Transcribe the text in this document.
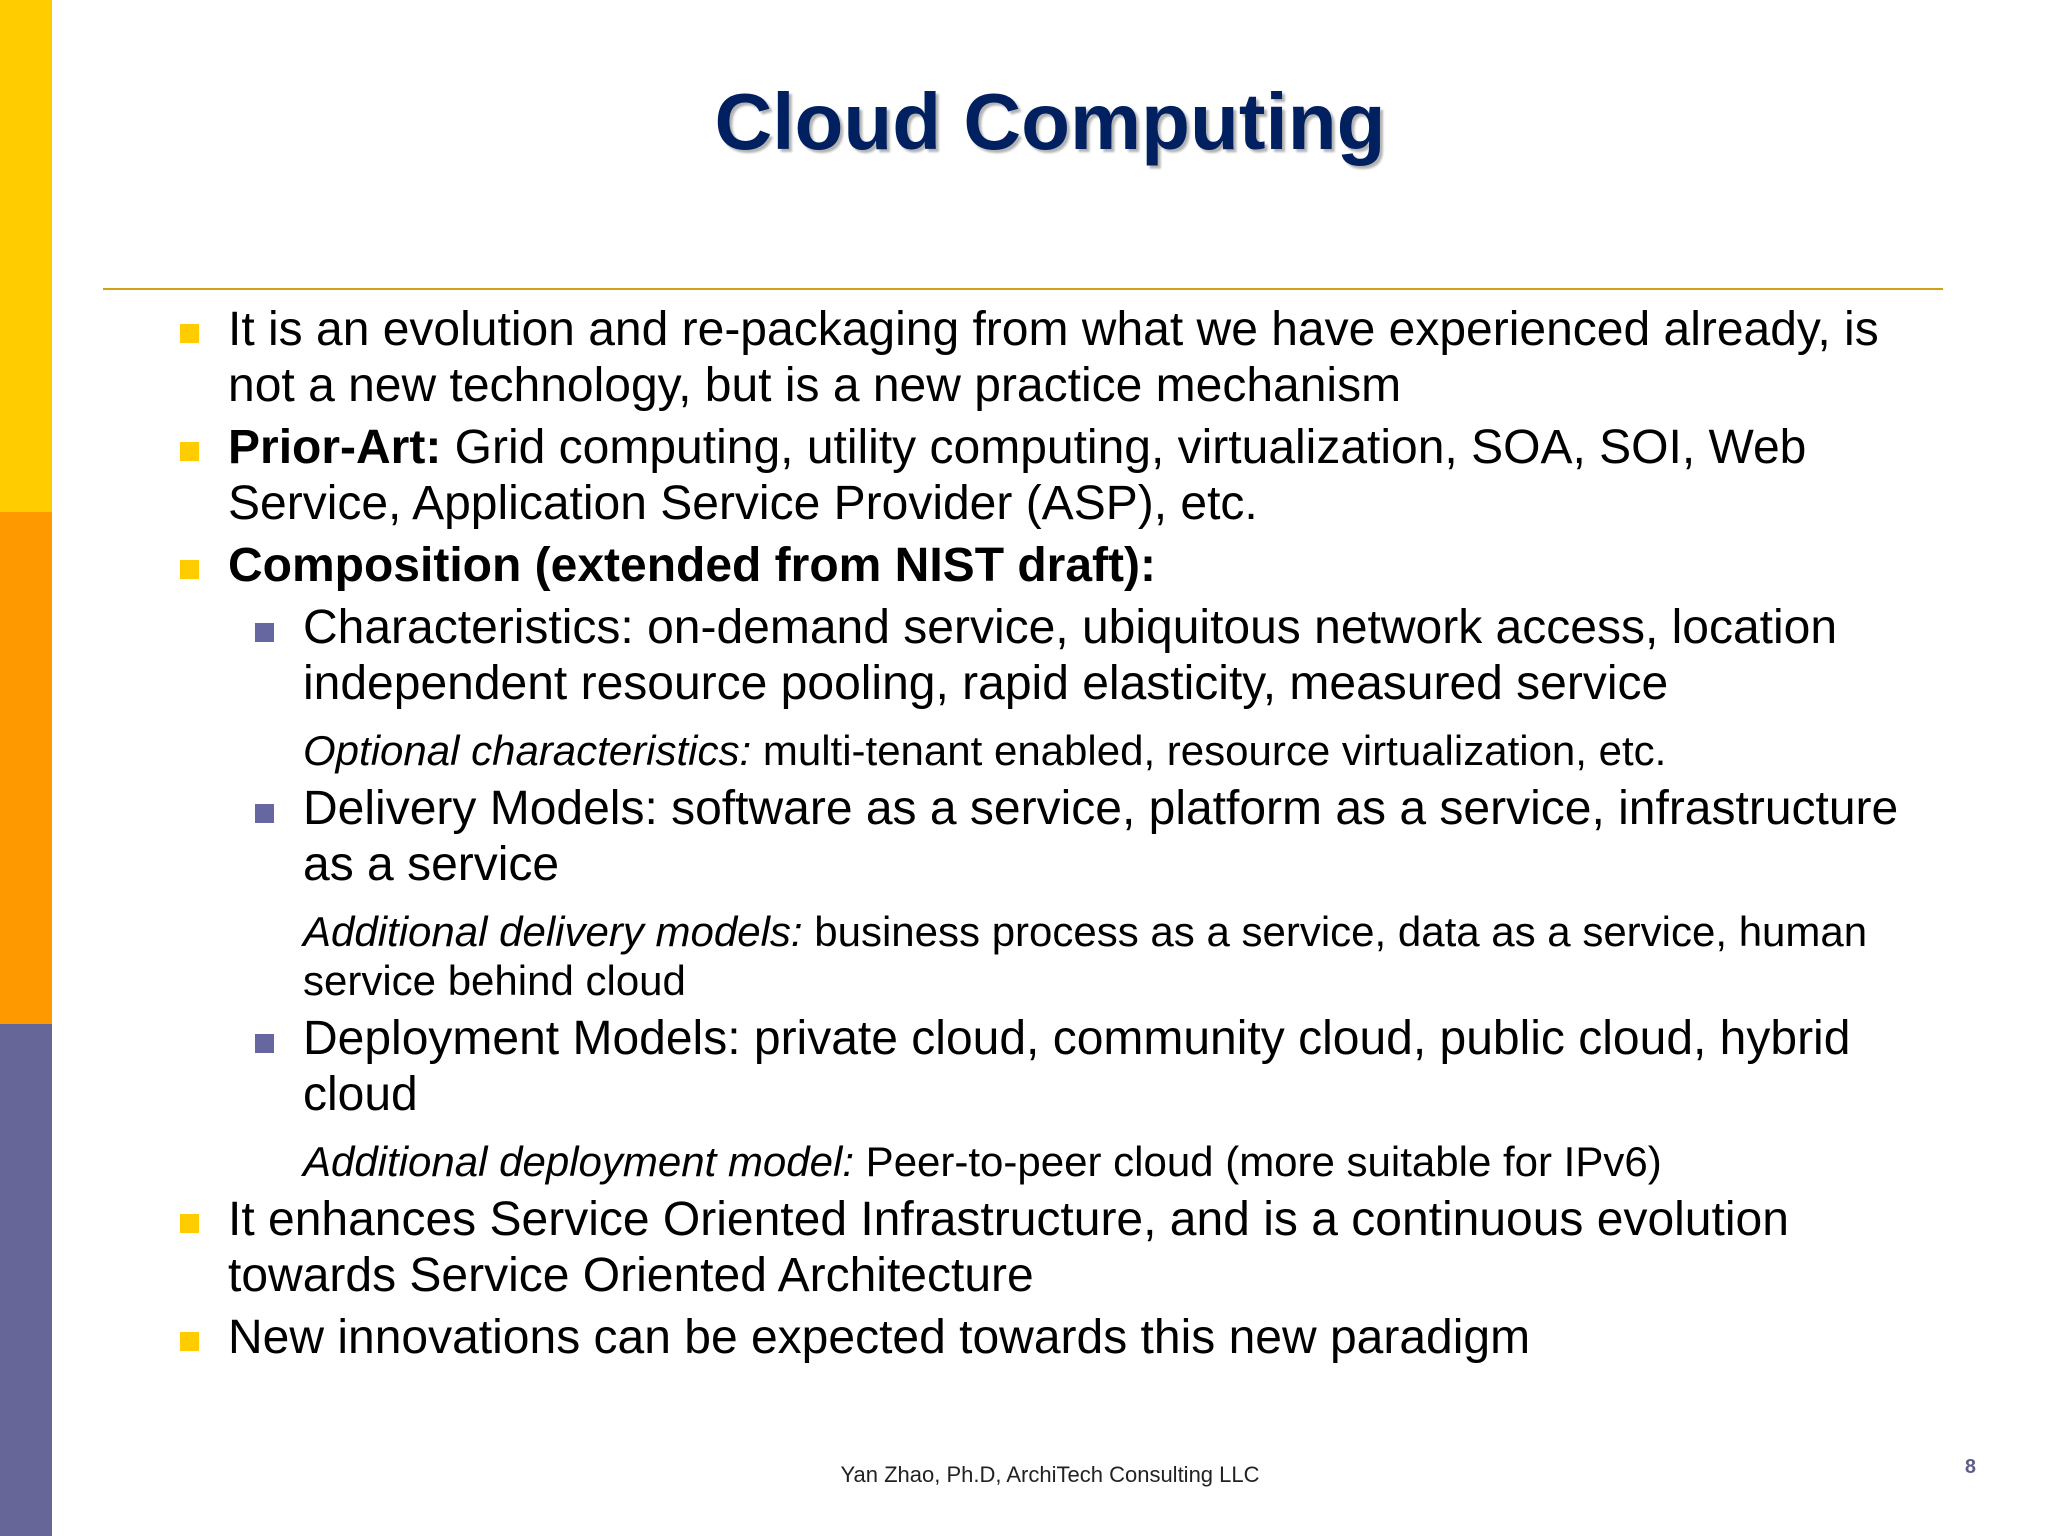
Cloud Computing
It is an evolution and re-packaging from what we have experienced already, is not a new technology, but is a new practice mechanism
Prior-Art: Grid computing, utility computing, virtualization, SOA, SOI, Web Service, Application Service Provider (ASP), etc.
Composition (extended from NIST draft):
Characteristics: on-demand service, ubiquitous network access, location independent resource pooling, rapid elasticity, measured service
Optional characteristics: multi-tenant enabled, resource virtualization, etc.
Delivery Models: software as a service, platform as a service, infrastructure as a service
Additional delivery models: business process as a service, data as a service, human service behind cloud
Deployment Models: private cloud, community cloud, public cloud, hybrid cloud
Additional deployment model: Peer-to-peer cloud (more suitable for IPv6)
It enhances Service Oriented Infrastructure, and is a continuous evolution towards Service Oriented Architecture
New innovations can be expected towards this new paradigm
Yan Zhao, Ph.D, ArchiTech Consulting LLC	8
